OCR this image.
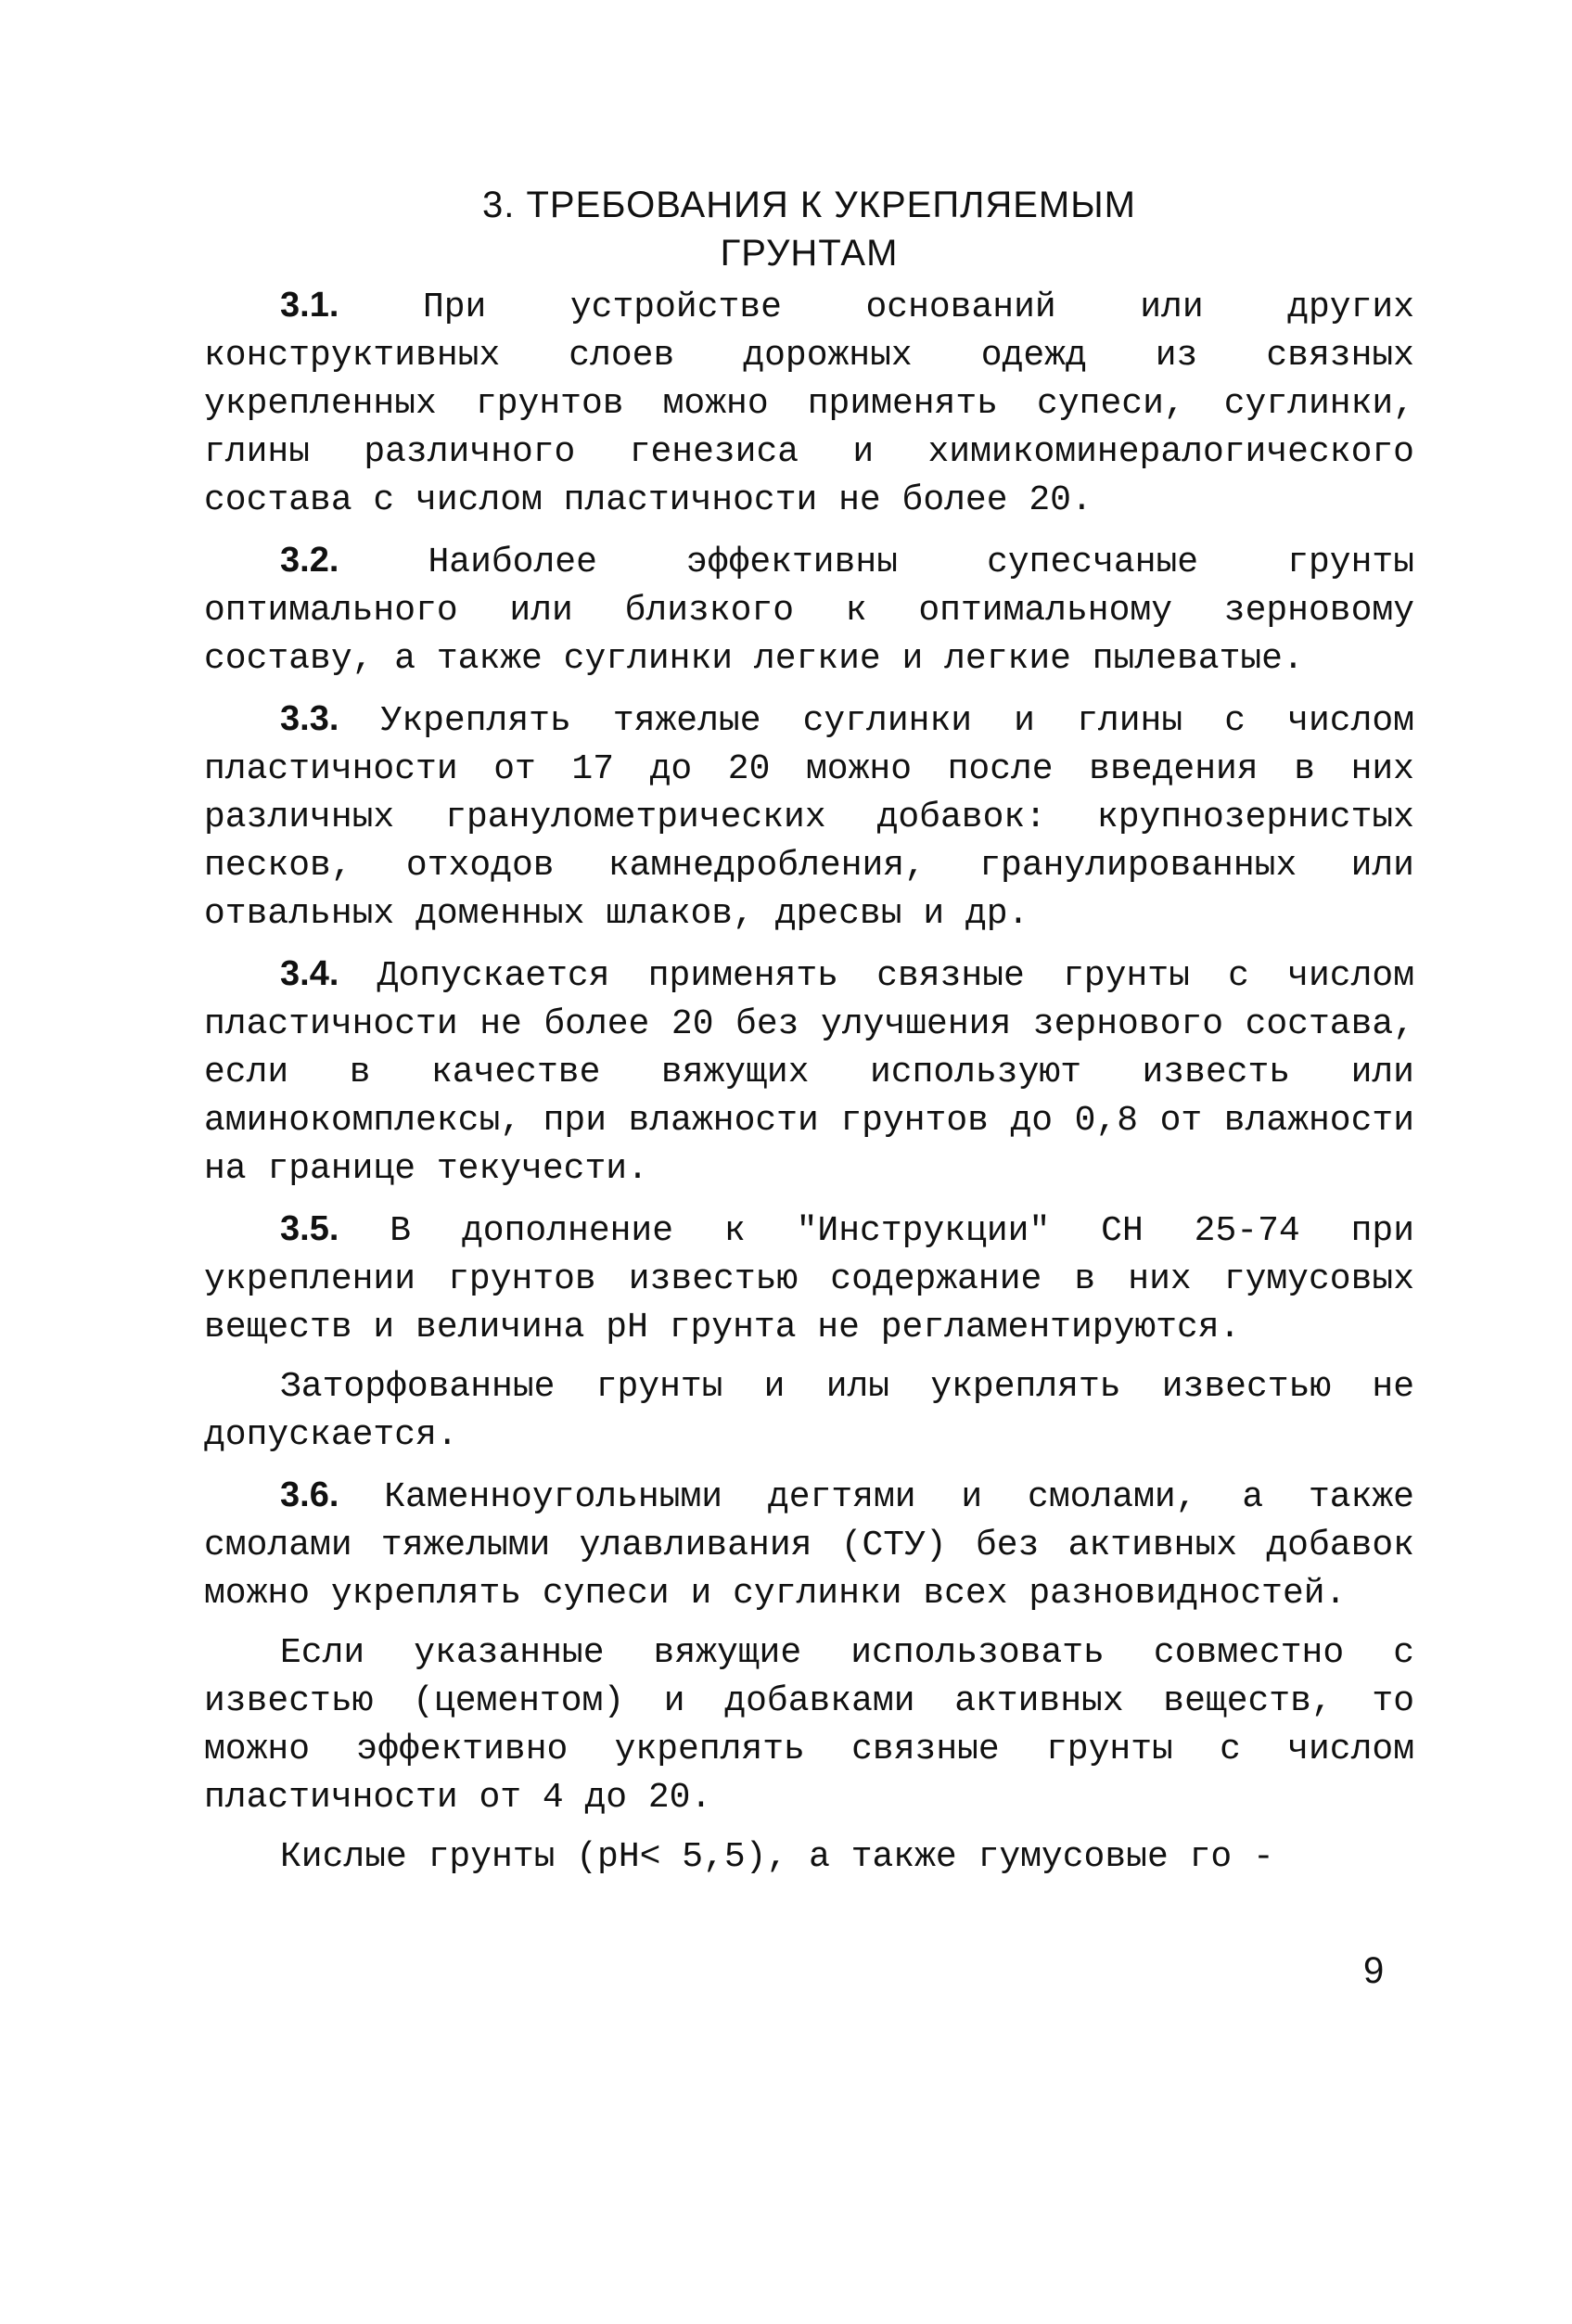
3. ТРЕБОВАНИЯ К УКРЕПЛЯЕМЫМ
ГРУНТАМ

3.1. При устройстве оснований или других конструктивных слоев дорожных одежд из связных укрепленных грунтов можно применять супеси, суглинки, глины различного генезиса и химикоминералогического состава с числом пластичности не более 20.

3.2.	Наиболее эффективны супесчаные грунты оптимального или близкого к оптимальному зерновому составу, а также суглинки легкие и легкие пылеватые.

3.3. Укреплять тяжелые суглинки и глины с числом пластичности от 17 до 20 можно после введения в них различных гранулометрических добавок: крупнозернистых песков, отходов камнедробления, гранулированных или отвальных доменных шлаков, дресвы и др.

3.4. Допускается применять связные грунты с числом пластичности не более 20 без улучшения зернового состава, если в качестве вяжущих используют известь или аминокомплексы, при влажности грунтов до 0,8 от влажности на границе текучести.

3.5. В дополнение к "Инструкции" СН 25-74 при укреплении грунтов известью содержание в них гумусовых веществ и величина pH грунта не регламентируются.

Заторфованные грунты и илы укреплять известью не допускается.

3.6. Каменноугольными дегтями и смолами, а также смолами тяжелыми улавливания (СТУ) без активных добавок можно укреплять супеси и суглинки всех разновидностей.

Если указанные вяжущие использовать совместно с известью (цементом) и добавками активных веществ, то можно эффективно укреплять связные грунты с числом пластичности от 4 до 20.

Кислые грунты (pH< 5,5), а также гумусовые го -

9
